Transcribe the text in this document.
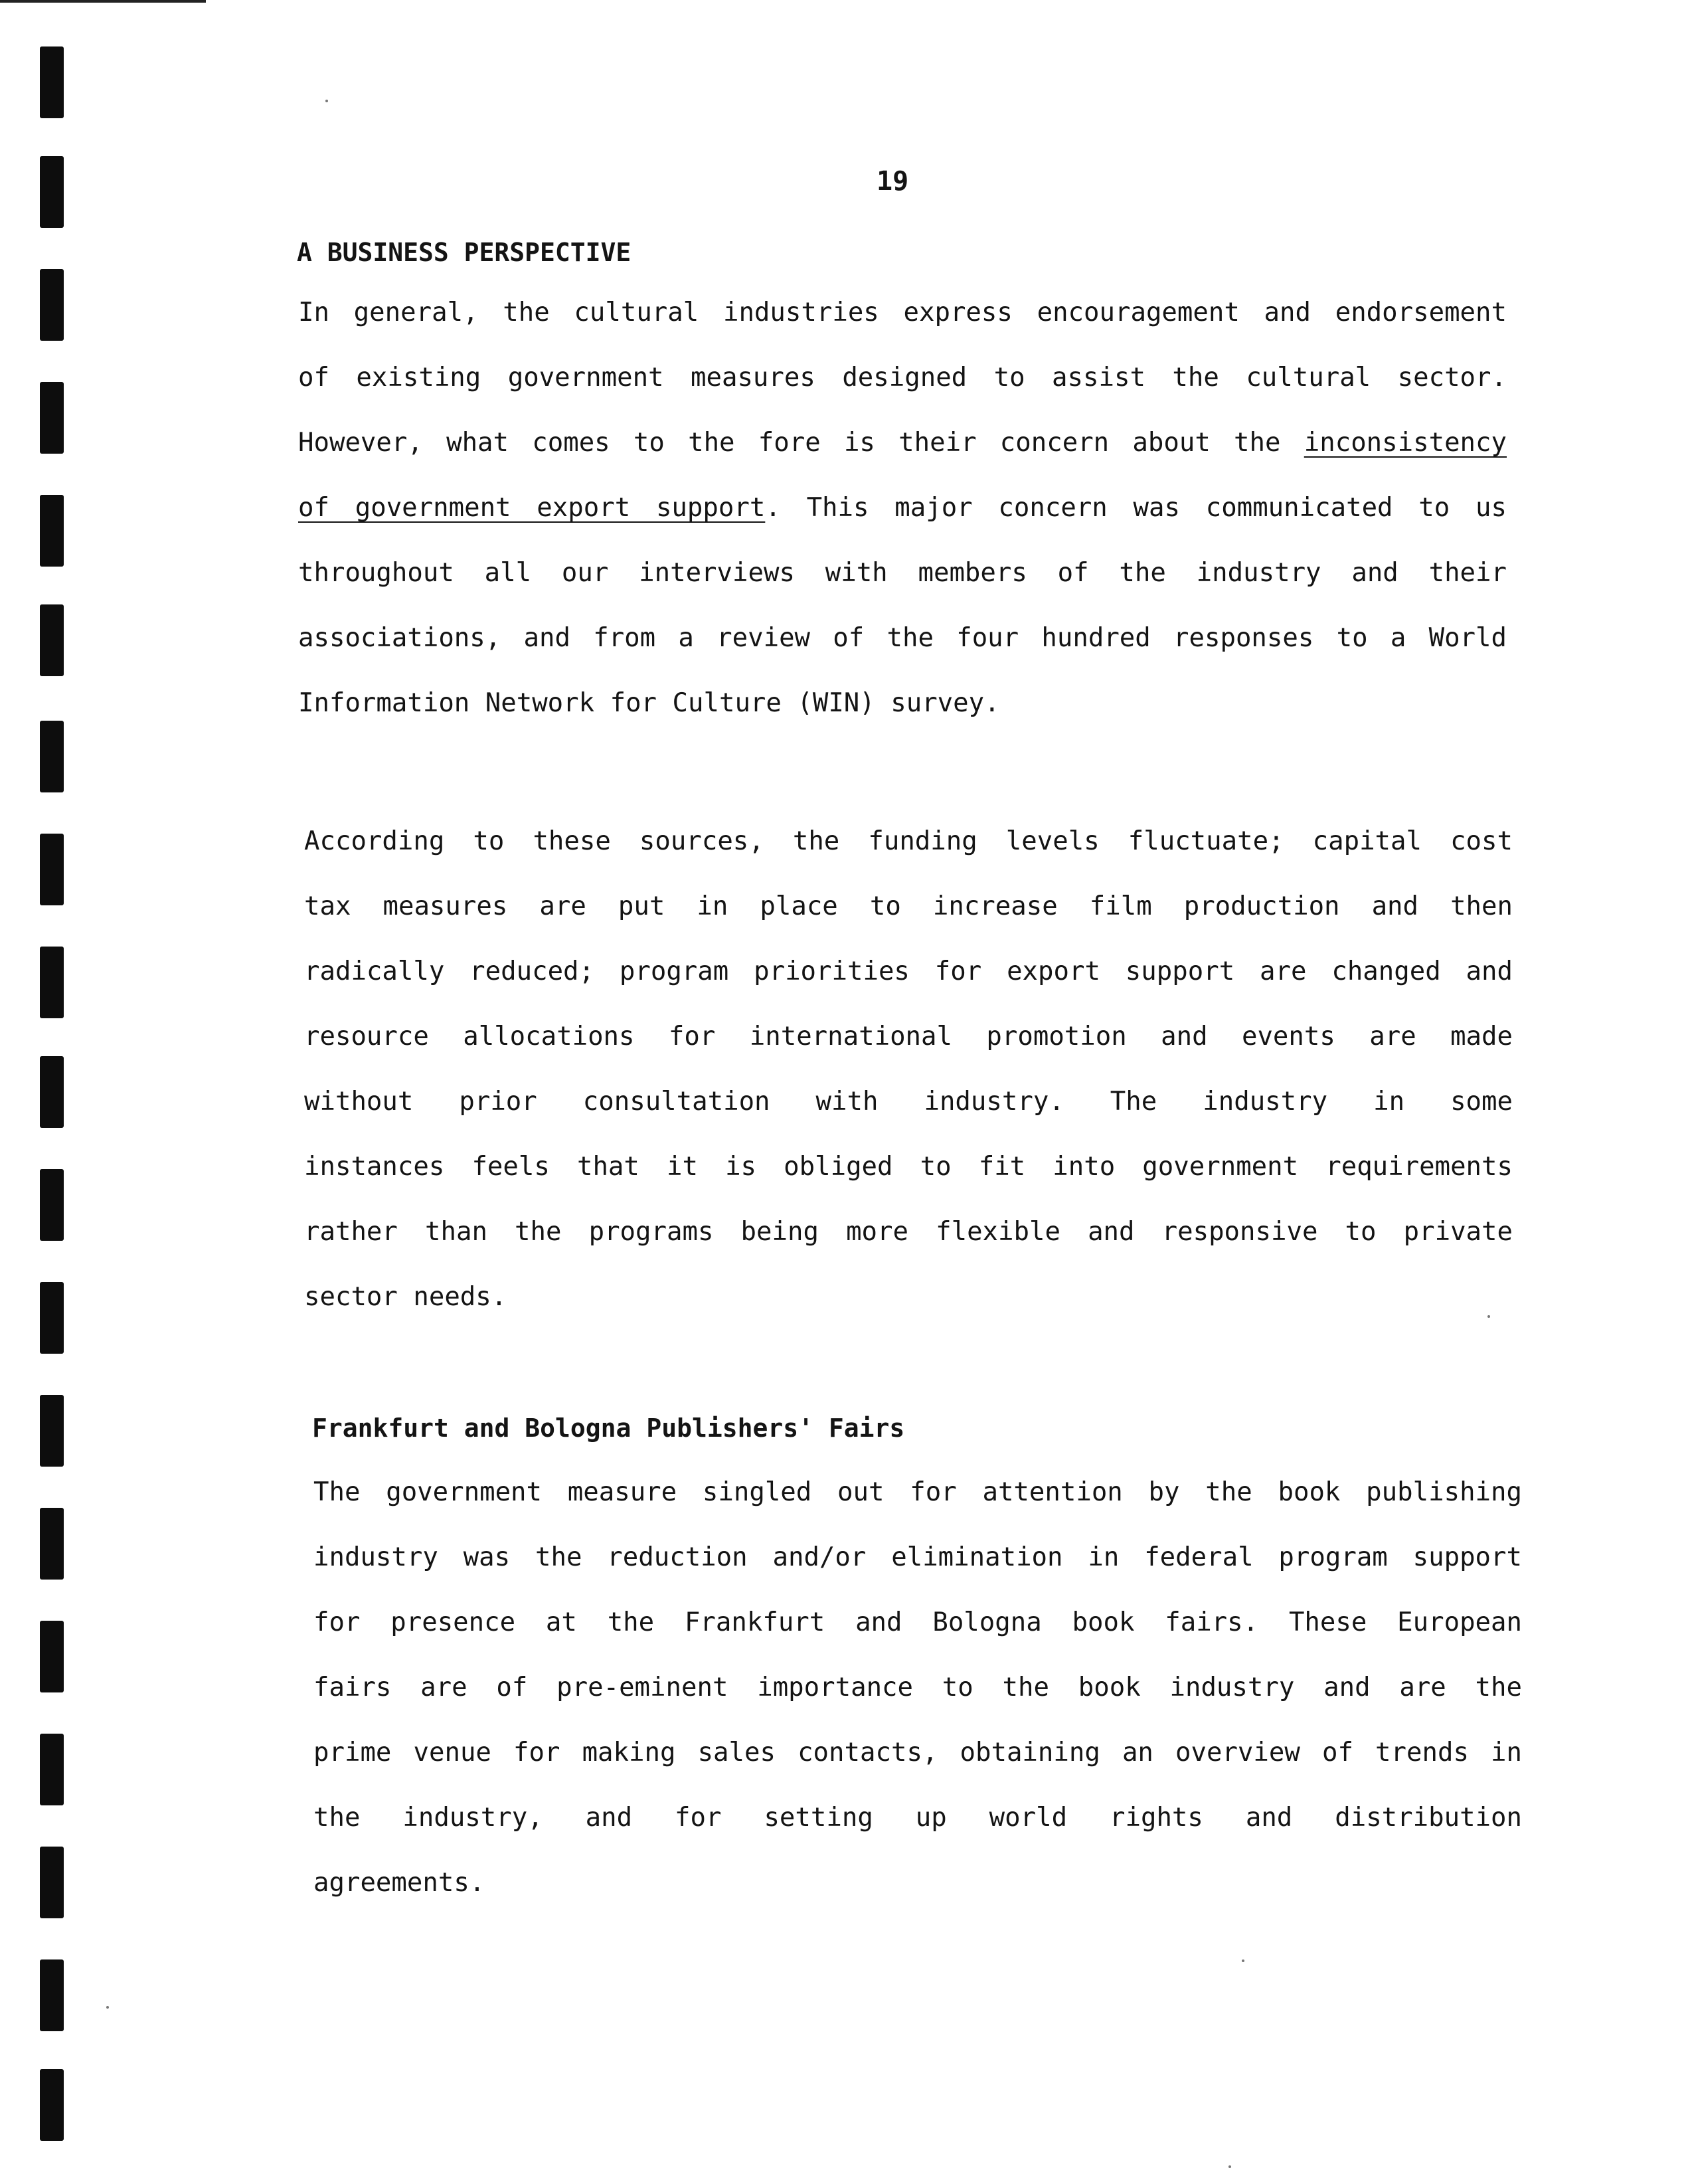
19
A BUSINESS PERSPECTIVE
In general, the cultural industries express encouragement and endorsement
of existing government measures designed to assist the cultural sector.
However, what comes to the fore is their concern about the inconsistency
of government export support. This major concern was communicated to us
throughout all our interviews with members of the industry and their
associations, and from a review of the four hundred responses to a World
Information Network for Culture (WIN) survey.
According to these sources, the funding levels fluctuate; capital cost
tax measures are put in place to increase film production and then
radically reduced; program priorities for export support are changed and
resource allocations for international promotion and events are made
without prior consultation with industry. The industry in some
instances feels that it is obliged to fit into government requirements
rather than the programs being more flexible and responsive to private
sector needs.
Frankfurt and Bologna Publishers' Fairs
The government measure singled out for attention by the book publishing
industry was the reduction and/or elimination in federal program support
for presence at the Frankfurt and Bologna book fairs. These European
fairs are of pre-eminent importance to the book industry and are the
prime venue for making sales contacts, obtaining an overview of trends in
the industry, and for setting up world rights and distribution
agreements.
